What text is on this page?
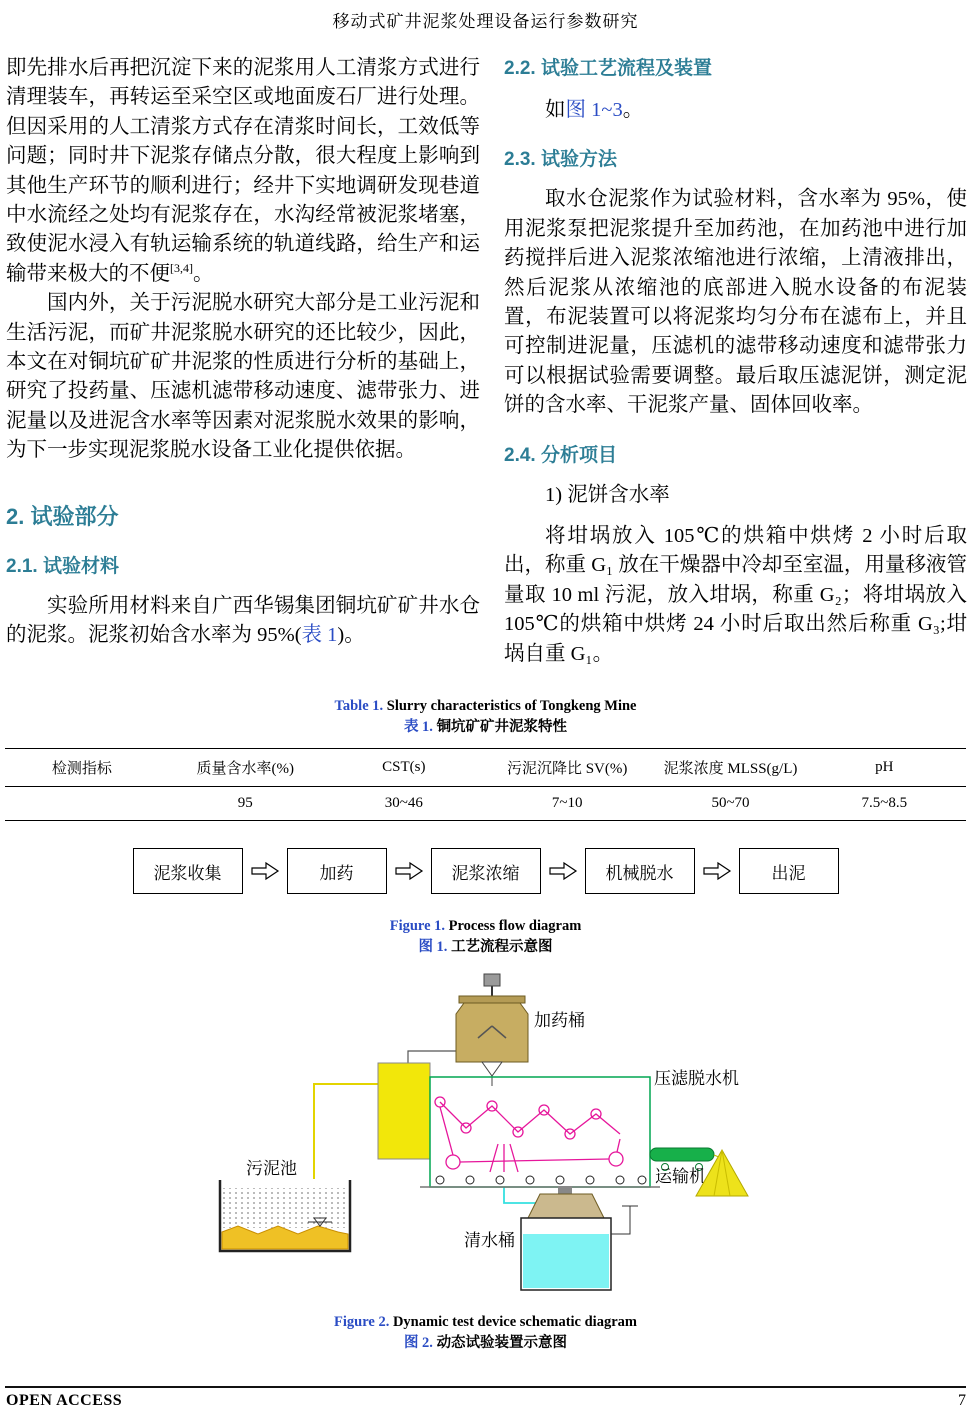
移动式矿井泥浆处理设备运行参数研究

即先排水后再把沉淀下来的泥浆用人工清浆方式进行清理装车，再转运至采空区或地面废石厂进行处理。但因采用的人工清浆方式存在清浆时间长，工效低等问题；同时井下泥浆存储点分散，很大程度上影响到其他生产环节的顺利进行；经井下实地调研发现巷道中水流经之处均有泥浆存在，水沟经常被泥浆堵塞，致使泥水浸入有轨运输系统的轨道线路，给生产和运输带来极大的不便[3,4]。

国内外，关于污泥脱水研究大部分是工业污泥和生活污泥，而矿井泥浆脱水研究的还比较少，因此，本文在对铜坑矿矿井泥浆的性质进行分析的基础上，研究了投药量、压滤机滤带移动速度、滤带张力、进泥量以及进泥含水率等因素对泥浆脱水效果的影响，为下一步实现泥浆脱水设备工业化提供依据。

2. 试验部分
2.1. 试验材料

实验所用材料来自广西华锡集团铜坑矿矿井水仓的泥浆。泥浆初始含水率为 95%(表 1)。

2.2. 试验工艺流程及装置

如图 1~3。

2.3. 试验方法

取水仓泥浆作为试验材料，含水率为 95%，使用泥浆泵把泥浆提升至加药池，在加药池中进行加药搅拌后进入泥浆浓缩池进行浓缩，上清液排出，然后泥浆从浓缩池的底部进入脱水设备的布泥装置，布泥装置可以将泥浆均匀分布在滤布上，并且可控制进泥量，压滤机的滤带移动速度和滤带张力可以根据试验需要调整。最后取压滤泥饼，测定泥饼的含水率、干泥浆产量、固体回收率。

2.4. 分析项目

1) 泥饼含水率

将坩埚放入 105℃的烘箱中烘烤 2 小时后取出，称重 G₁ 放在干燥器中冷却至室温，用量移液管量取 10 ml 污泥，放入坩埚，称重 G₂；将坩埚放入 105℃的烘箱中烘烤 24 小时后取出然后称重 G₃;坩埚自重 G₁。

Table 1. Slurry characteristics of Tongkeng Mine
表 1. 铜坑矿矿井泥浆特性
检测指标	质量含水率(%)	CST(s)	污泥沉降比 SV(%)	泥浆浓度 MLSS(g/L)	pH
	95	30~46	7~10	50~70	7.5~8.5
泥浆收集	加药	泥浆浓缩	机械脱水	出泥
Figure 1. Process flow diagram
图 1. 工艺流程示意图
加药桶
压滤脱水机
运输机
污泥池
清水桶
Figure 2. Dynamic test device schematic diagram
图 2. 动态试验装置示意图
OPEN ACCESS	7
